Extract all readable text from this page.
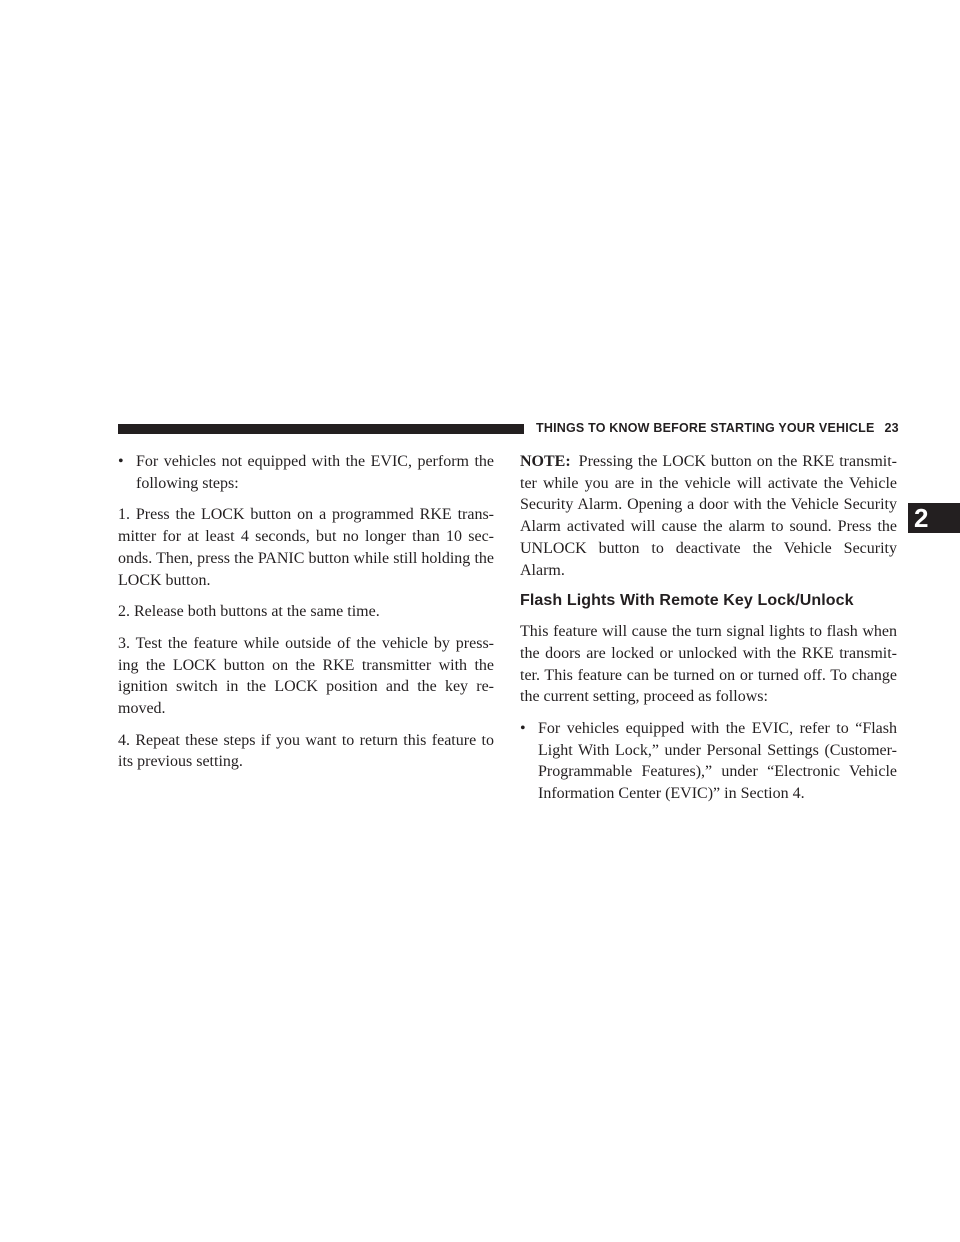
THINGS TO KNOW BEFORE STARTING YOUR VEHICLE 23
2

• For vehicles not equipped with the EVIC, perform the following steps:

1. Press the LOCK button on a programmed RKE trans-mitter for at least 4 seconds, but no longer than 10 sec-onds. Then, press the PANIC button while still holding the LOCK button.

2. Release both buttons at the same time.

3. Test the feature while outside of the vehicle by press-ing the LOCK button on the RKE transmitter with the ignition switch in the LOCK position and the key re-moved.

4. Repeat these steps if you want to return this feature to its previous setting.

NOTE: Pressing the LOCK button on the RKE transmit-ter while you are in the vehicle will activate the Vehicle Security Alarm. Opening a door with the Vehicle Security Alarm activated will cause the alarm to sound. Press the UNLOCK button to deactivate the Vehicle Security Alarm.

Flash Lights With Remote Key Lock/Unlock

This feature will cause the turn signal lights to flash when the doors are locked or unlocked with the RKE transmit-ter. This feature can be turned on or turned off. To change the current setting, proceed as follows:

• For vehicles equipped with the EVIC, refer to “Flash Light With Lock,” under Personal Settings (Customer-Programmable Features),” under “Electronic Vehicle Information Center (EVIC)” in Section 4.
